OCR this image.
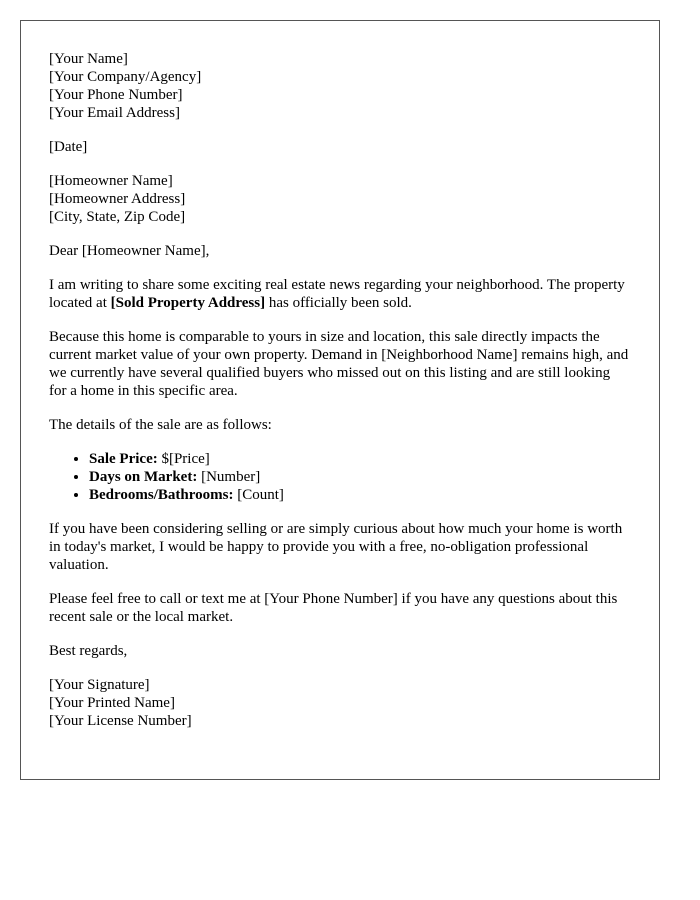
[Your Name]
[Your Company/Agency]
[Your Phone Number]
[Your Email Address]
[Date]
[Homeowner Name]
[Homeowner Address]
[City, State, Zip Code]

Dear [Homeowner Name],

I am writing to share some exciting real estate news regarding your neighborhood. The property located at [Sold Property Address] has officially been sold.

Because this home is comparable to yours in size and location, this sale directly impacts the current market value of your own property. Demand in [Neighborhood Name] remains high, and we currently have several qualified buyers who missed out on this listing and are still looking for a home in this specific area.

The details of the sale are as follows:

• Sale Price: $[Price]
• Days on Market: [Number]
• Bedrooms/Bathrooms: [Count]

If you have been considering selling or are simply curious about how much your home is worth in today's market, I would be happy to provide you with a free, no-obligation professional valuation.

Please feel free to call or text me at [Your Phone Number] if you have any questions about this recent sale or the local market.

Best regards,

[Your Signature]
[Your Printed Name]
[Your License Number]
